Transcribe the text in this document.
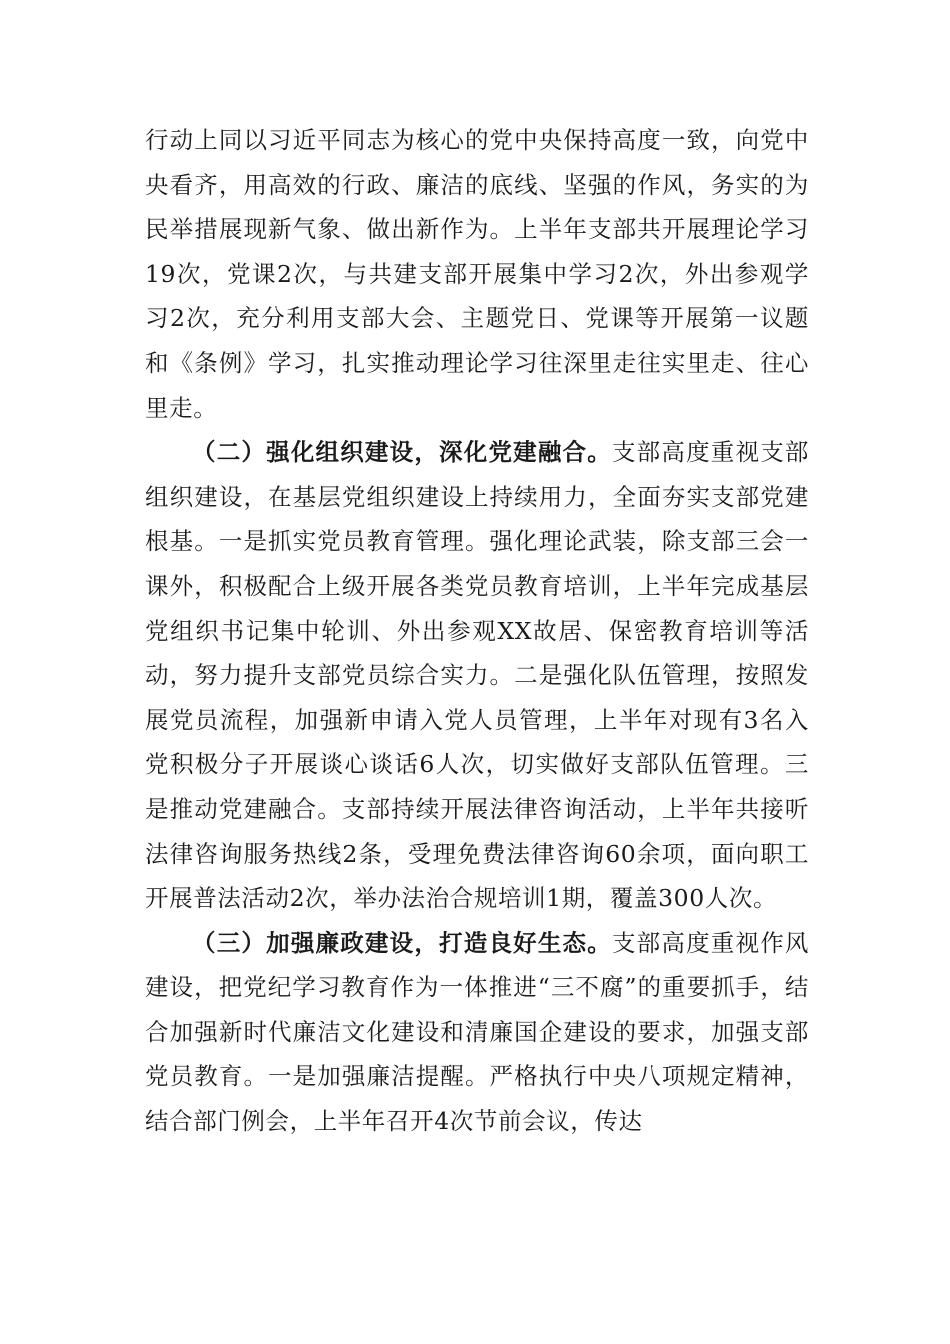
行动上同以习近平同志为核心的党中央保持高度一致，向党中央看齐，用高效的行政、廉洁的底线、坚强的作风，务实的为民举措展现新气象、做出新作为。上半年支部共开展理论学习19次，党课2次，与共建支部开展集中学习2次，外出参观学习2次，充分利用支部大会、主题党日、党课等开展第一议题和《条例》学习，扎实推动理论学习往深里走往实里走、往心里走。

（二）强化组织建设，深化党建融合。支部高度重视支部组织建设，在基层党组织建设上持续用力，全面夯实支部党建根基。一是抓实党员教育管理。强化理论武装，除支部三会一课外，积极配合上级开展各类党员教育培训，上半年完成基层党组织书记集中轮训、外出参观XX故居、保密教育培训等活动，努力提升支部党员综合实力。二是强化队伍管理，按照发展党员流程，加强新申请入党人员管理，上半年对现有3名入党积极分子开展谈心谈话6人次，切实做好支部队伍管理。三是推动党建融合。支部持续开展法律咨询活动，上半年共接听法律咨询服务热线2条，受理免费法律咨询60余项，面向职工开展普法活动2次，举办法治合规培训1期，覆盖300人次。

（三）加强廉政建设，打造良好生态。支部高度重视作风建设，把党纪学习教育作为一体推进“三不腐”的重要抓手，结合加强新时代廉洁文化建设和清廉国企建设的要求，加强支部党员教育。一是加强廉洁提醒。严格执行中央八项规定精神，结合部门例会，上半年召开4次节前会议，传达
